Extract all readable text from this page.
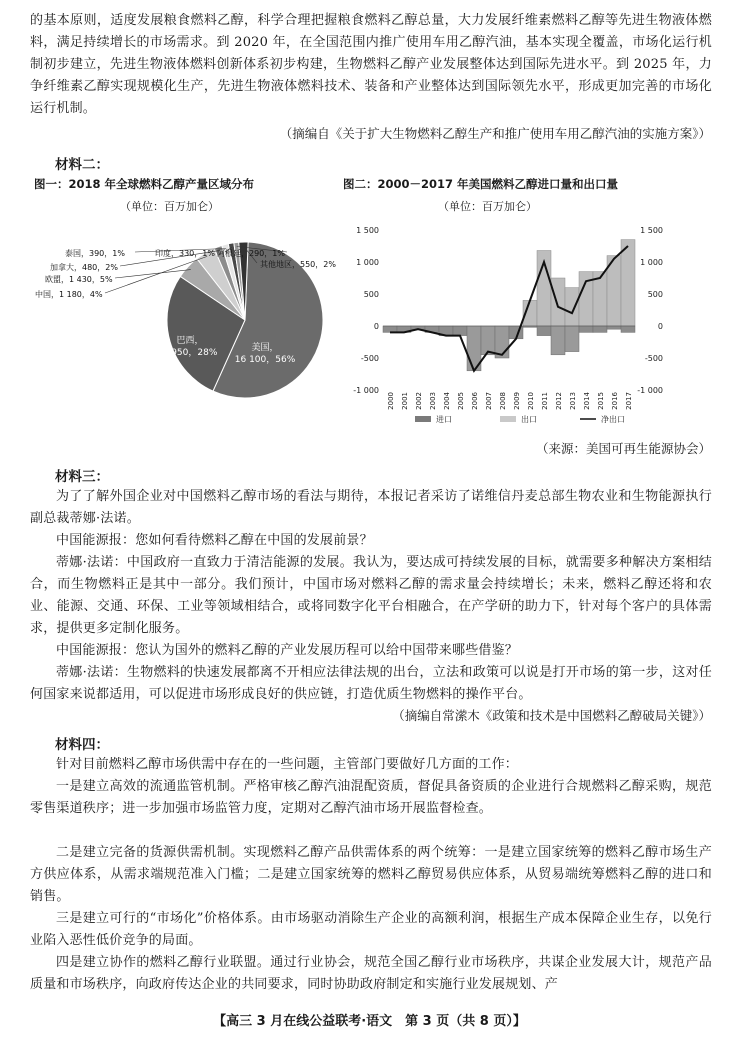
的基本原则，适度发展粮食燃料乙醇，科学合理把握粮食燃料乙醇总量，大力发展纤维素燃料乙醇等先进生物液体燃料，满足持续增长的市场需求。到 2020 年，在全国范围内推广使用车用乙醇汽油，基本实现全覆盖，市场化运行机制初步建立，先进生物液体燃料创新体系初步构建，生物燃料乙醇产业发展整体达到国际先进水平。到 2025 年，力争纤维素乙醇实现规模化生产，先进生物液体燃料技术、装备和产业整体达到国际领先水平，形成更加完善的市场化运行机制。

（摘编自《关于扩大生物燃料乙醇生产和推广使用车用乙醇汽油的实施方案》）

材料二：
图一：2018 年全球燃料乙醇产量区域分布
（单位：百万加仑）
图二：2000－2017 年美国燃料乙醇进口量和出口量
（单位：百万加仑）
美国，
16 100，56%
巴西，
7 950，28%
欧盟，1 430，5%
中国，1 180，4%
加拿大，480，2%
泰国，390，1%	印度，330，1% 阿根廷，290，1%
其他地区，550，2%
1 500	1 500
1 000	1 000
500	500
0	0
-500	-500
-1 000	-1 000
2000 2001 2002 2003 2004 2005 2006 2007 2008 2009 2010 2011 2012 2013 2014 2015 2016 2017
进口	出口	净出口

（来源：美国可再生能源协会）

材料三：

为了了解外国企业对中国燃料乙醇市场的看法与期待，本报记者采访了诺维信丹麦总部生物农业和生物能源执行副总裁蒂娜·法诺。

中国能源报：您如何看待燃料乙醇在中国的发展前景？

蒂娜·法诺：中国政府一直致力于清洁能源的发展。我认为，要达成可持续发展的目标，就需要多种解决方案相结合，而生物燃料正是其中一部分。我们预计，中国市场对燃料乙醇的需求量会持续增长；未来，燃料乙醇还将和农业、能源、交通、环保、工业等领域相结合，或将同数字化平台相融合，在产学研的助力下，针对每个客户的具体需求，提供更多定制化服务。

中国能源报：您认为国外的燃料乙醇的产业发展历程可以给中国带来哪些借鉴？

蒂娜·法诺：生物燃料的快速发展都离不开相应法律法规的出台，立法和政策可以说是打开市场的第一步，这对任何国家来说都适用，可以促进市场形成良好的供应链，打造优质生物燃料的操作平台。

（摘编自常潆木《政策和技术是中国燃料乙醇破局关键》）

材料四：

针对目前燃料乙醇市场供需中存在的一些问题，主管部门要做好几方面的工作：

一是建立高效的流通监管机制。严格审核乙醇汽油混配资质，督促具备资质的企业进行合规燃料乙醇采购，规范零售渠道秩序；进一步加强市场监管力度，定期对乙醇汽油市场开展监督检查。

二是建立完备的货源供需机制。实现燃料乙醇产品供需体系的两个统筹：一是建立国家统筹的燃料乙醇市场生产方供应体系，从需求端规范准入门槛；二是建立国家统筹的燃料乙醇贸易供应体系，从贸易端统筹燃料乙醇的进口和销售。

三是建立可行的“市场化”价格体系。由市场驱动消除生产企业的高额利润，根据生产成本保障企业生存，以免行业陷入恶性低价竞争的局面。

四是建立协作的燃料乙醇行业联盟。通过行业协会，规范全国乙醇行业市场秩序，共谋企业发展大计，规范产品质量和市场秩序，向政府传达企业的共同要求，同时协助政府制定和实施行业发展规划、产

【高三 3 月在线公益联考·语文　第 3 页（共 8 页）】
